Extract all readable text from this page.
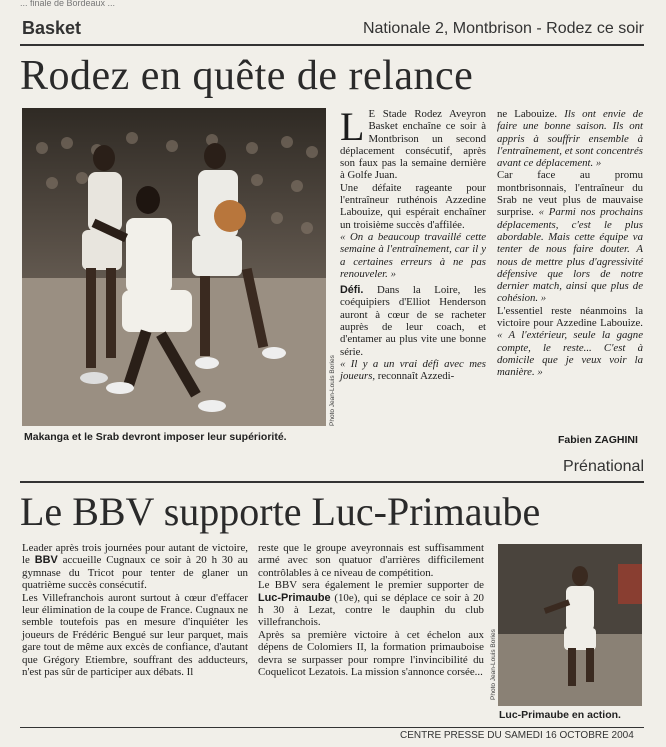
... finale de Bordeaux ...
Basket	Nationale 2, Montbrison - Rodez ce soir
Rodez en quête de relance
Photo Jean-Louis Bories
Makanga et le Srab devront imposer leur supériorité.
L E Stade Rodez Aveyron Basket enchaîne ce soir à Montbrison un second déplacement consécutif, après son faux pas la semaine dernière à Golfe Juan.

Une défaite rageante pour l'entraîneur ruthénois Azzedine Labouize, qui espérait enchaîner un troisième succès d'affilée.

« On a beaucoup travaillé cette semaine à l'entraînement, car il y a certaines erreurs à ne pas renouveler. »

Défi. Dans la Loire, les coéquipiers d'Elliot Henderson auront à cœur de se racheter auprès de leur coach, et d'entamer au plus vite une bonne série.

« Il y a un vrai défi avec mes joueurs, reconnaît Azzedi-

ne Labouize. Ils ont envie de faire une bonne saison. Ils ont appris à souffrir ensemble à l'entraînement, et sont concentrés avant ce déplacement. »

Car face au promu montbrisonnais, l'entraîneur du Srab ne veut plus de mauvaise surprise. « Parmi nos prochains déplacements, c'est le plus abordable. Mais cette équipe va tenter de nous faire douter. A nous de mettre plus d'agressivité défensive que lors de notre dernier match, ainsi que plus de cohésion. »

L'essentiel reste néanmoins la victoire pour Azzedine Labouize. « A l'extérieur, seule la gagne compte, le reste... C'est à domicile que je veux voir la manière. »

Fabien ZAGHINI
Prénational
Le BBV supporte Luc-Primaube

Leader après trois journées pour autant de victoire, le BBV accueille Cugnaux ce soir à 20 h 30 au gymnase du Tricot pour tenter de glaner un quatrième succès consécutif.

Les Villefranchois auront surtout à cœur d'effacer leur élimination de la coupe de France. Cugnaux ne semble toutefois pas en mesure d'inquiéter les joueurs de Frédéric Bengué sur leur parquet, mais gare tout de même aux excès de confiance, d'autant que Grégory Etiembre, souffrant des adducteurs, n'est pas sûr de participer aux débats. Il

reste que le groupe aveyronnais est suffisamment armé avec son quatuor d'arrières difficilement contrôlables à ce niveau de compétition.

Le BBV sera également le premier supporter de Luc-Primaube (10e), qui se déplace ce soir à 20 h 30 à Lezat, contre le dauphin du club villefranchois.

Après sa première victoire à cet échelon aux dépens de Colomiers II, la formation primauboise devra se surpasser pour rompre l'invincibilité du Coquelicot Lezatois. La mission s'annonce corsée... Photo Jean-Louis Bories
Luc-Primaube en action.
CENTRE PRESSE DU SAMEDI 16 OCTOBRE 2004
